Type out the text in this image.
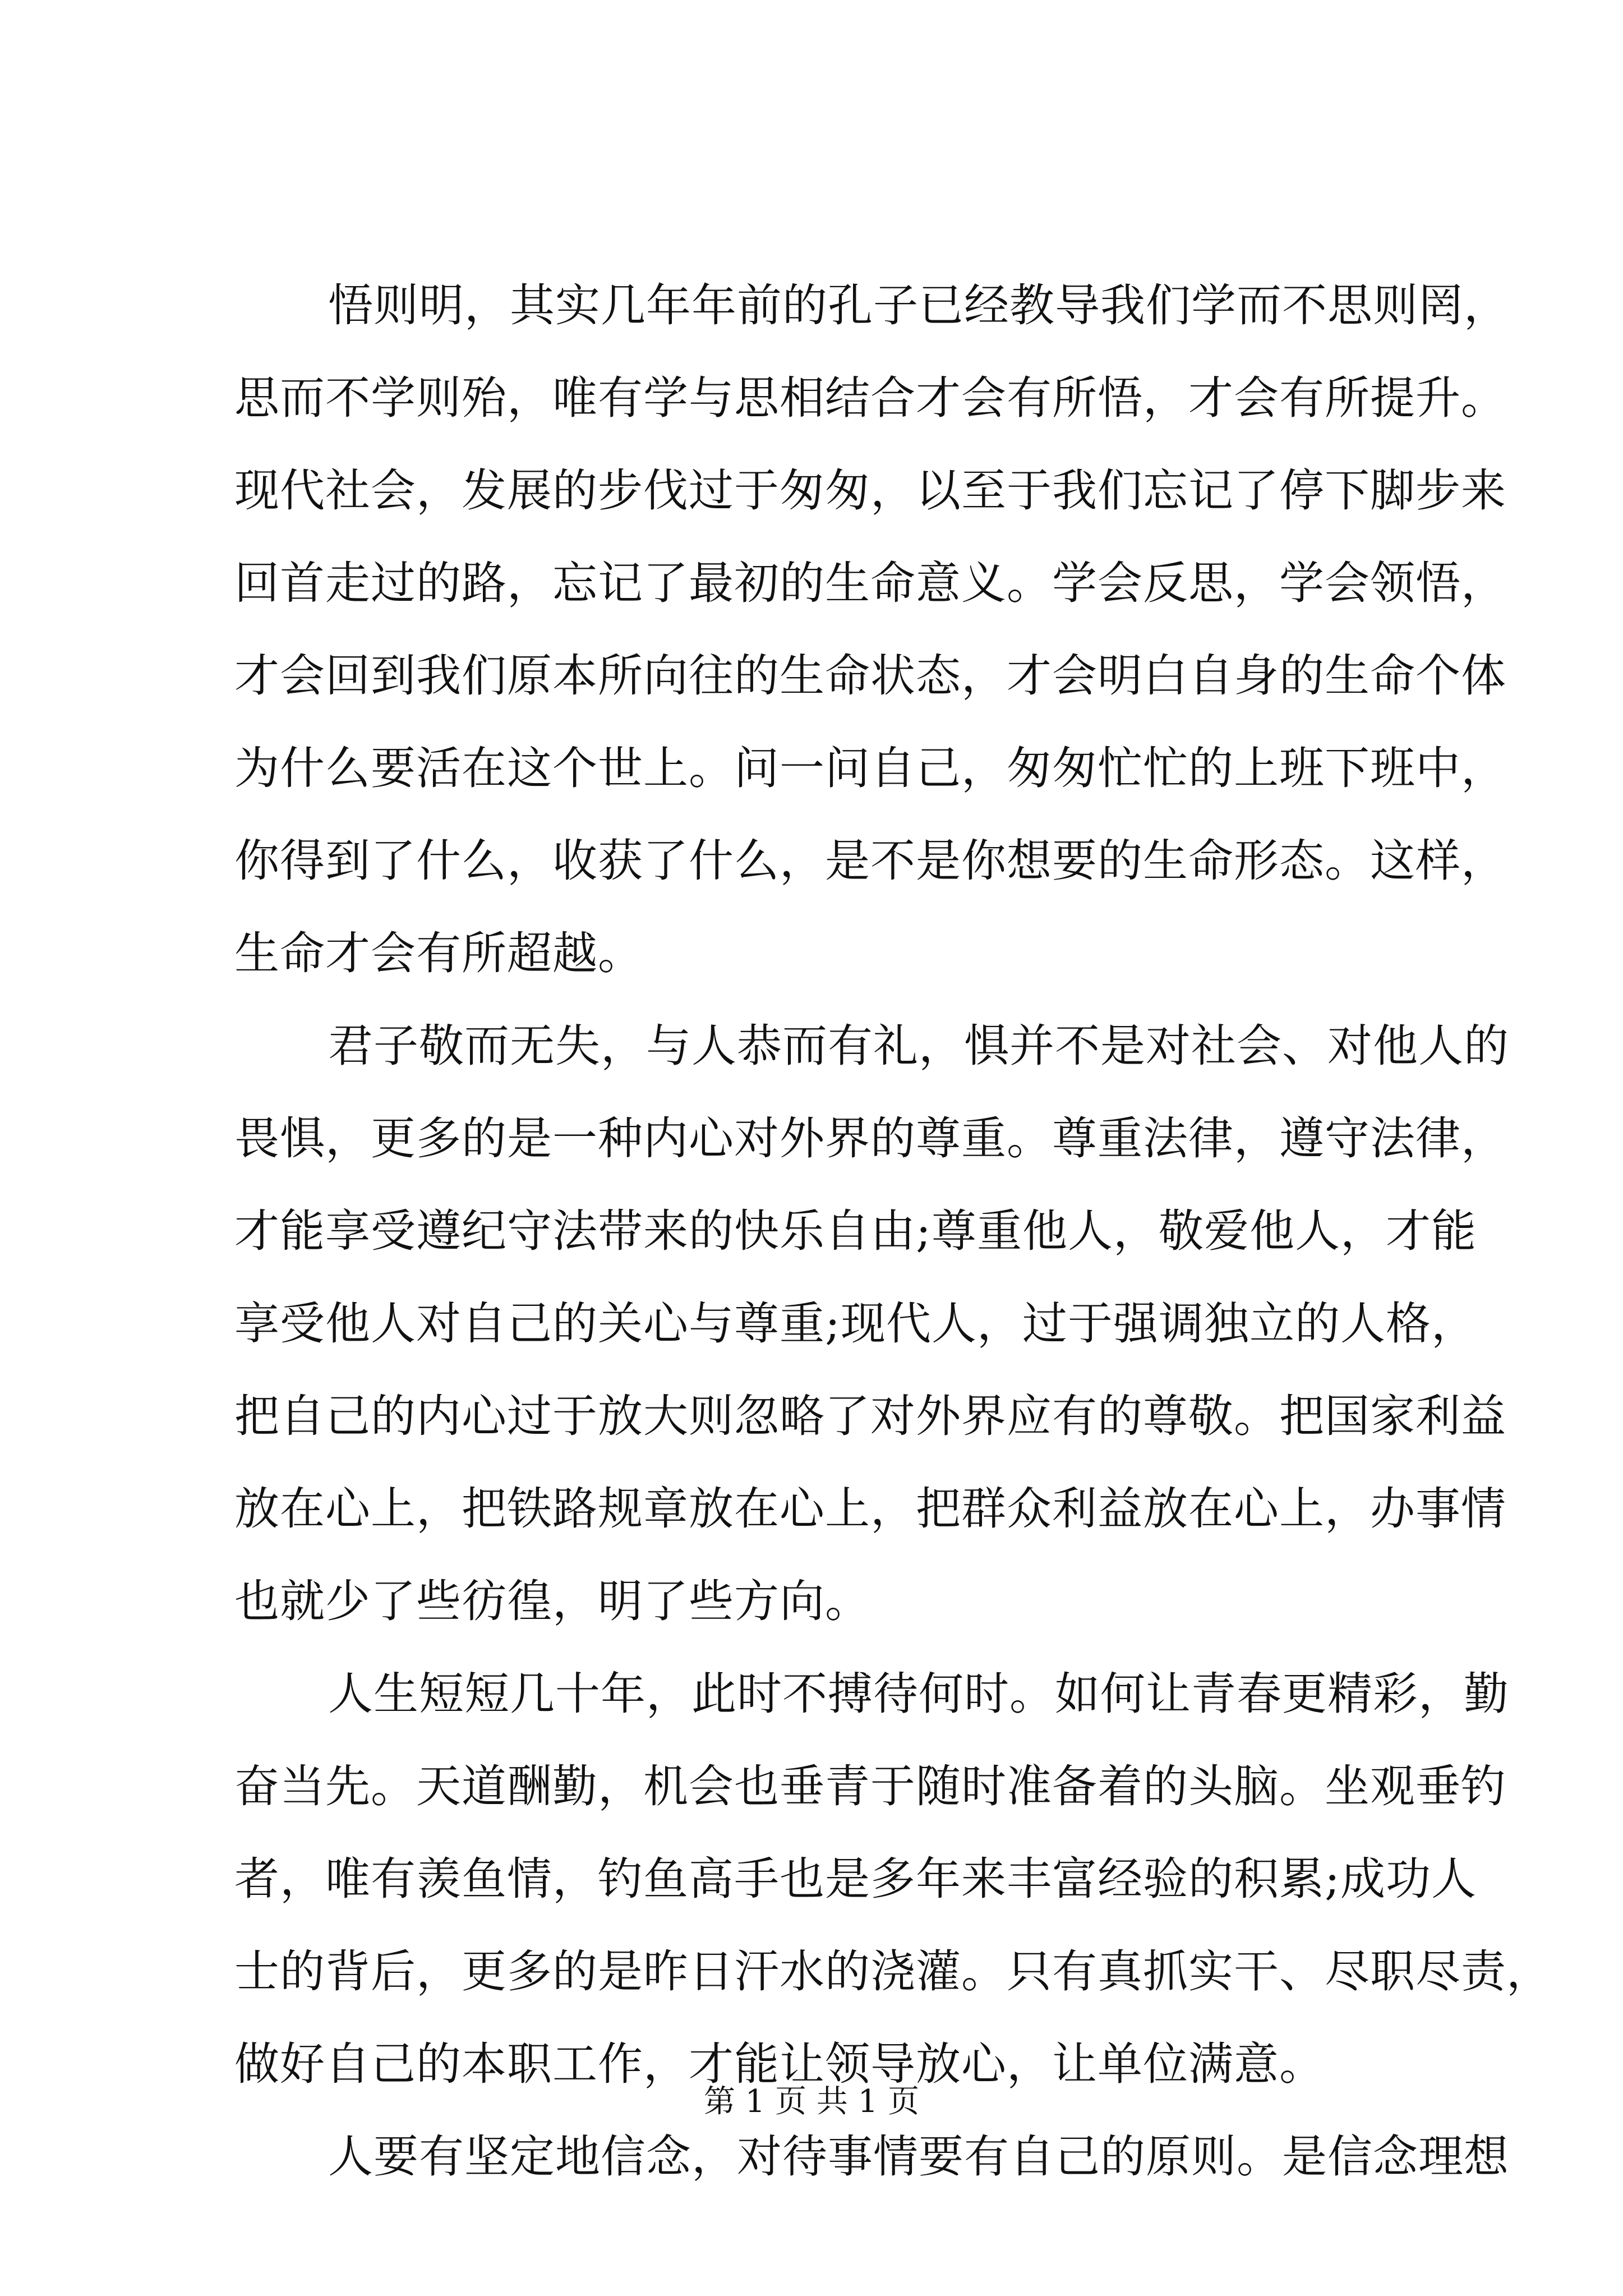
悟则明，其实几年年前的孔子已经教导我们学而不思则罔，
思而不学则殆，唯有学与思相结合才会有所悟，才会有所提升。
现代社会，发展的步伐过于匆匆，以至于我们忘记了停下脚步来
回首走过的路，忘记了最初的生命意义。学会反思，学会领悟，
才会回到我们原本所向往的生命状态，才会明白自身的生命个体
为什么要活在这个世上。问一问自己，匆匆忙忙的上班下班中，
你得到了什么，收获了什么，是不是你想要的生命形态。这样，
生命才会有所超越。
君子敬而无失，与人恭而有礼，惧并不是对社会、对他人的
畏惧，更多的是一种内心对外界的尊重。尊重法律，遵守法律，
才能享受遵纪守法带来的快乐自由;尊重他人，敬爱他人，才能
享受他人对自己的关心与尊重;现代人，过于强调独立的人格，
把自己的内心过于放大则忽略了对外界应有的尊敬。把国家利益
放在心上，把铁路规章放在心上，把群众利益放在心上，办事情
也就少了些彷徨，明了些方向。
人生短短几十年，此时不搏待何时。如何让青春更精彩，勤
奋当先。天道酬勤，机会也垂青于随时准备着的头脑。坐观垂钓
者，唯有羡鱼情，钓鱼高手也是多年来丰富经验的积累;成功人
士的背后，更多的是昨日汗水的浇灌。只有真抓实干、尽职尽责，
做好自己的本职工作，才能让领导放心，让单位满意。
人要有坚定地信念，对待事情要有自己的原则。是信念理想
第 1 页 共 1 页
